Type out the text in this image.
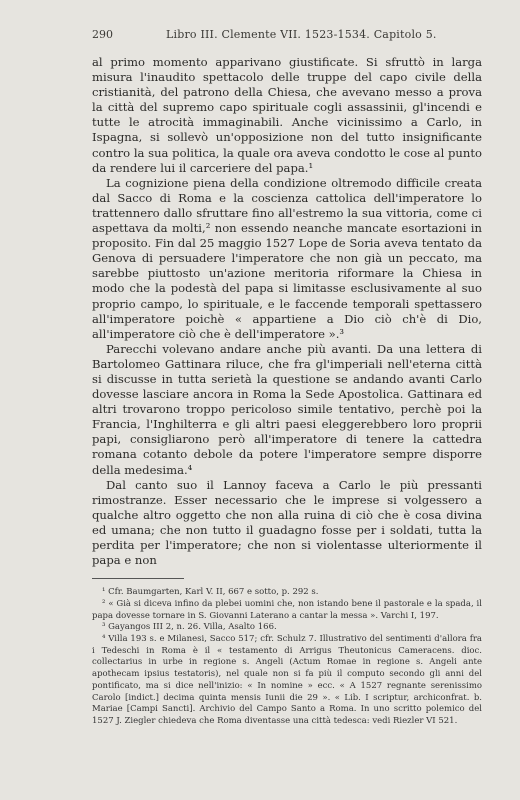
290	Libro III. Clemente VII. 1523-1534. Capitolo 5.

al primo momento apparivano giustificate. Si sfruttò in larga misura l'inaudito spettacolo delle truppe del capo civile della cristianità, del patrono della Chiesa, che avevano messo a prova la città del supremo capo spirituale cogli assassinii, gl'incendi e tutte le atrocità immaginabili. Anche vicinissimo a Carlo, in Ispagna, si sollevò un'opposizione non del tutto insignificante contro la sua politica, la quale ora aveva condotto le cose al punto da rendere lui il carceriere del papa.¹

La cognizione piena della condizione oltremodo difficile creata dal Sacco di Roma e la coscienza cattolica dell'imperatore lo trattennero dallo sfruttare fino all'estremo la sua vittoria, come ci aspettava da molti,² non essendo neanche mancate esortazioni in proposito. Fin dal 25 maggio 1527 Lope de Soria aveva tentato da Genova di persuadere l'imperatore che non già un peccato, ma sarebbe piuttosto un'azione meritoria riformare la Chiesa in modo che la podestà del papa si limitasse esclusivamente al suo proprio campo, lo spirituale, e le faccende temporali spettassero all'imperatore poichè « appartiene a Dio ciò ch'è di Dio, all'imperatore ciò che è dell'imperatore ».³

Parecchi volevano andare anche più avanti. Da una lettera di Bartolomeo Gattinara riluce, che fra gl'imperiali nell'eterna città si discusse in tutta serietà la questione se andando avanti Carlo dovesse lasciare ancora in Roma la Sede Apostolica. Gattinara ed altri trovarono troppo pericoloso simile tentativo, perchè poi la Francia, l'Inghilterra e gli altri paesi eleggerebbero loro proprii papi, consigliarono però all'imperatore di tenere la cattedra romana cotanto debole da potere l'imperatore sempre disporre della medesima.⁴

Dal canto suo il Lannoy faceva a Carlo le più pressanti rimostranze. Esser necessario che le imprese si volgessero a qualche altro oggetto che non alla ruina di ciò che è cosa divina ed umana; che non tutto il guadagno fosse per i soldati, tutta la perdita per l'imperatore; che non si violentasse ulteriormente il papa e non

¹ Cfr. Baumgarten, Karl V. II, 667 e sotto, p. 292 s.

² « Già si diceva infino da plebei uomini che, non istando bene il pastorale e la spada, il papa dovesse tornare in S. Giovanni Laterano a cantar la messa ». Varchi I, 197.

³ Gayangos III 2, n. 26. Villa, Asalto 166.

⁴ Villa 193 s. e Milanesi, Sacco 517; cfr. Schulz 7. Illustrativo del sentimenti d'allora fra i Tedeschi in Roma è il « testamento di Arrigus Theutonicus Cameracens. dioc. collectarius in urbe in regione s. Angeli (Actum Romae in regione s. Angeli ante apothecam ipsius testatoris), nel quale non si fa più il computo secondo gli anni del pontificato, ma si dice nell'inizio: « In nomine » ecc. « A 1527 regnante serenissimo Carolo [indict.] decima quinta mensis Iunii die 29 ». « Lib. I scriptur, archiconfrat. b. Mariae [Campi Sancti]. Archivio del Campo Santo a Roma. In uno scritto polemico del 1527 J. Ziegler chiedeva che Roma diventasse una città tedesca: vedi Riezler VI 521.
